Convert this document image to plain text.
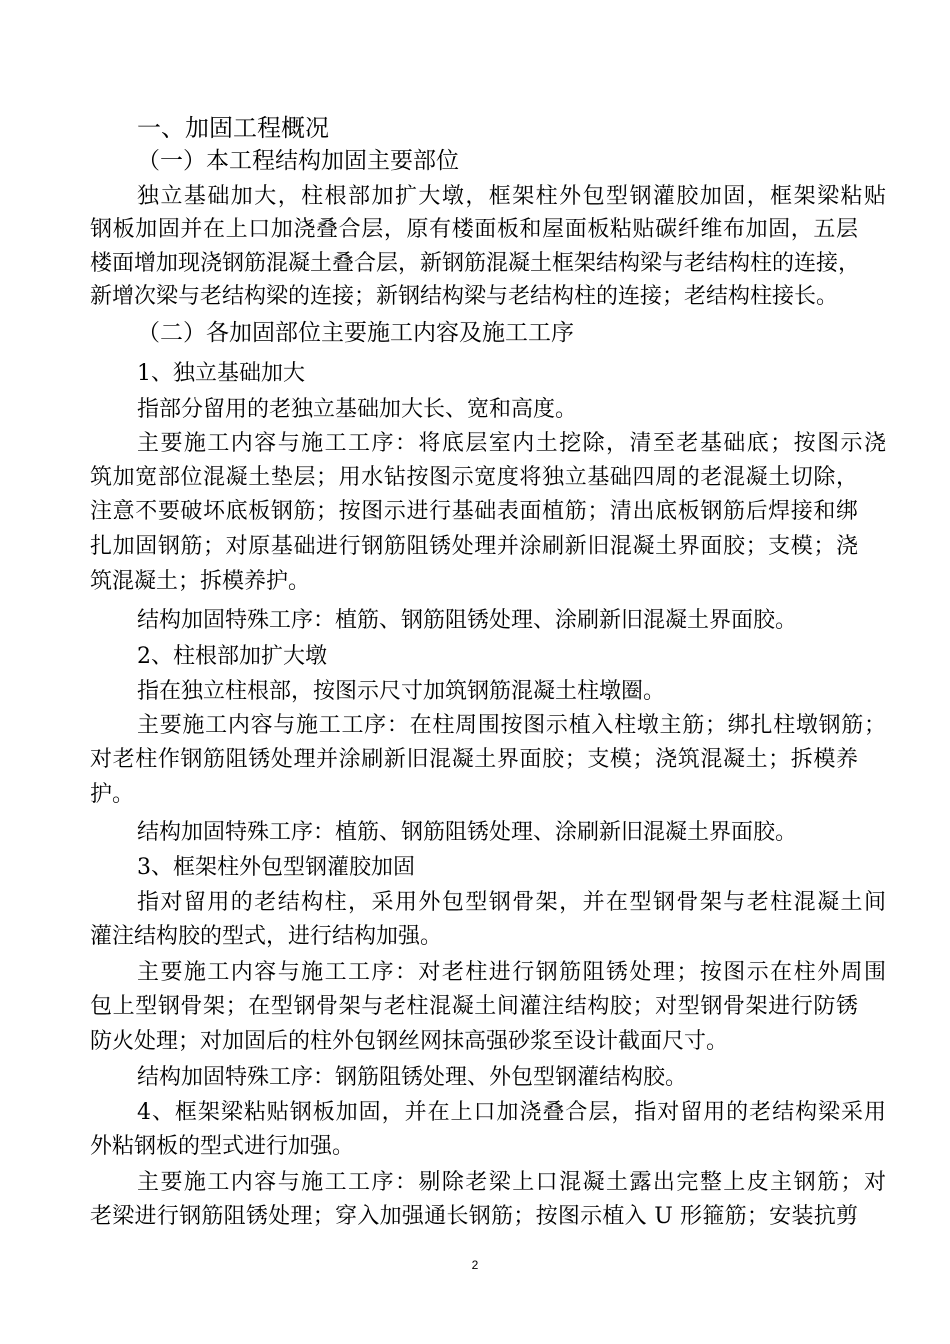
一、加固工程概况
（一）本工程结构加固主要部位
独立基础加大，柱根部加扩大墩，框架柱外包型钢灌胶加固，框架梁粘贴
钢板加固并在上口加浇叠合层，原有楼面板和屋面板粘贴碳纤维布加固，五层
楼面增加现浇钢筋混凝土叠合层，新钢筋混凝土框架结构梁与老结构柱的连接，
新增次梁与老结构梁的连接；新钢结构梁与老结构柱的连接；老结构柱接长。
（二）各加固部位主要施工内容及施工工序
1、独立基础加大
指部分留用的老独立基础加大长、宽和高度。
主要施工内容与施工工序：将底层室内土挖除，清至老基础底；按图示浇
筑加宽部位混凝土垫层；用水钻按图示宽度将独立基础四周的老混凝土切除，
注意不要破坏底板钢筋；按图示进行基础表面植筋；清出底板钢筋后焊接和绑
扎加固钢筋；对原基础进行钢筋阻锈处理并涂刷新旧混凝土界面胶；支模；浇
筑混凝土；拆模养护。
结构加固特殊工序：植筋、钢筋阻锈处理、涂刷新旧混凝土界面胶。
2、柱根部加扩大墩
指在独立柱根部，按图示尺寸加筑钢筋混凝土柱墩圈。
主要施工内容与施工工序：在柱周围按图示植入柱墩主筋；绑扎柱墩钢筋；
对老柱作钢筋阻锈处理并涂刷新旧混凝土界面胶；支模；浇筑混凝土；拆模养
护。
结构加固特殊工序：植筋、钢筋阻锈处理、涂刷新旧混凝土界面胶。
3、框架柱外包型钢灌胶加固
指对留用的老结构柱，采用外包型钢骨架，并在型钢骨架与老柱混凝土间
灌注结构胶的型式，进行结构加强。
主要施工内容与施工工序：对老柱进行钢筋阻锈处理；按图示在柱外周围
包上型钢骨架；在型钢骨架与老柱混凝土间灌注结构胶；对型钢骨架进行防锈
防火处理；对加固后的柱外包钢丝网抹高强砂浆至设计截面尺寸。
结构加固特殊工序：钢筋阻锈处理、外包型钢灌结构胶。
4、框架梁粘贴钢板加固，并在上口加浇叠合层，指对留用的老结构梁采用
外粘钢板的型式进行加强。
主要施工内容与施工工序：剔除老梁上口混凝土露出完整上皮主钢筋；对
老梁进行钢筋阻锈处理；穿入加强通长钢筋；按图示植入 U 形箍筋；安装抗剪
2
